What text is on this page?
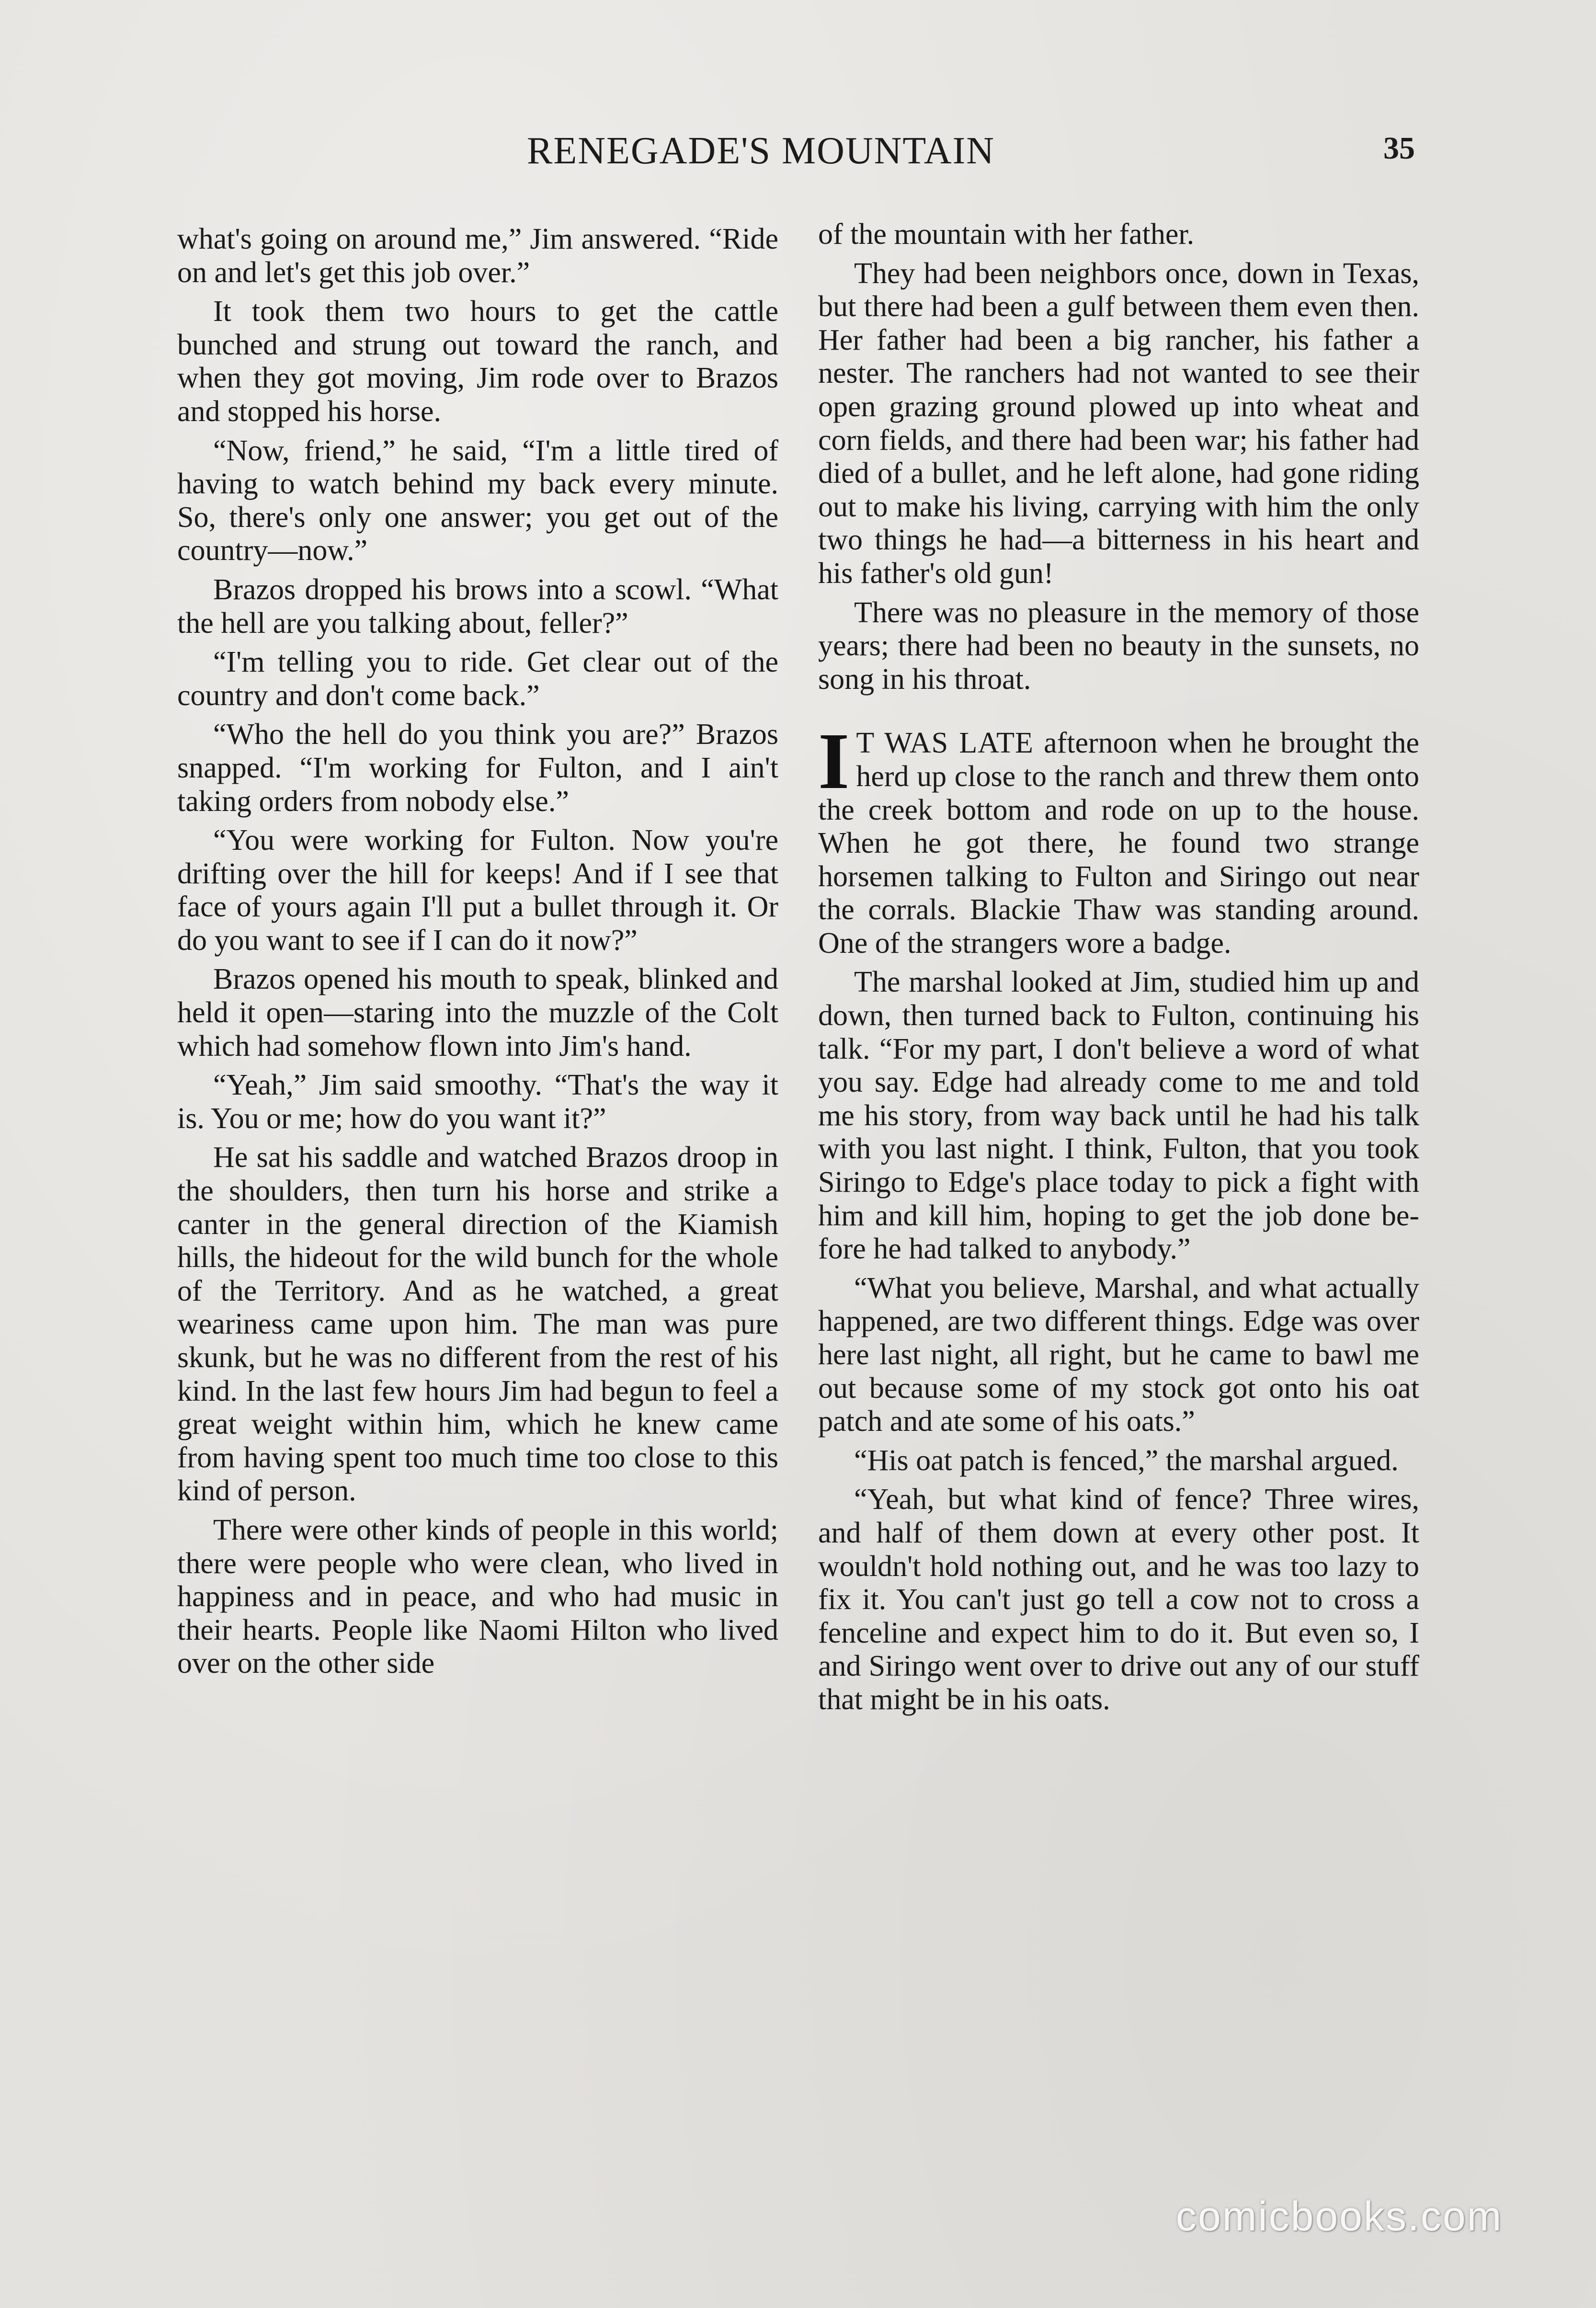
RENEGADE'S MOUNTAIN	35

what's going on around me,” Jim answered. “Ride on and let's get this job over.”

It took them two hours to get the cattle bunched and strung out toward the ranch, and when they got moving, Jim rode over to Brazos and stopped his horse.

“Now, friend,” he said, “I'm a little tired of having to watch behind my back every minute. So, there's only one answer; you get out of the country—now.”

Brazos dropped his brows into a scowl. “What the hell are you talking about, feller?”

“I'm telling you to ride. Get clear out of the country and don't come back.”

“Who the hell do you think you are?” Brazos snapped. “I'm working for Fulton, and I ain't taking orders from nobody else.”

“You were working for Fulton. Now you're drifting over the hill for keeps! And if I see that face of yours again I'll put a bullet through it. Or do you want to see if I can do it now?”

Brazos opened his mouth to speak, blinked and held it open—staring into the muzzle of the Colt which had somehow flown into Jim's hand.

“Yeah,” Jim said smoothy. “That's the way it is. You or me; how do you want it?”

He sat his saddle and watched Brazos droop in the shoulders, then turn his horse and strike a canter in the general direction of the Kiamish hills, the hideout for the wild bunch for the whole of the Territory. And as he watched, a great weariness came upon him. The man was pure skunk, but he was no different from the rest of his kind. In the last few hours Jim had begun to feel a great weight within him, which he knew came from having spent too much time too close to this kind of person.

There were other kinds of people in this world; there were people who were clean, who lived in happiness and in peace, and who had music in their hearts. People like Naomi Hilton who lived over on the other side

of the mountain with her father.

They had been neighbors once, down in Texas, but there had been a gulf between them even then. Her father had been a big rancher, his father a nester. The ranchers had not wanted to see their open grazing ground plowed up into wheat and corn fields, and there had been war; his father had died of a bullet, and he left alone, had gone riding out to make his living, carrying with him the only two things he had—a bitterness in his heart and his father's old gun!

There was no pleasure in the memory of those years; there had been no beauty in the sunsets, no song in his throat.

I T WAS LATE afternoon when he brought the herd up close to the ranch and threw them onto the creek bottom and rode on up to the house. When he got there, he found two strange horsemen talking to Fulton and Siringo out near the corrals. Blackie Thaw was standing around. One of the strangers wore a badge.

The marshal looked at Jim, studied him up and down, then turned back to Fulton, continuing his talk. “For my part, I don't believe a word of what you say. Edge had already come to me and told me his story, from way back until he had his talk with you last night. I think, Fulton, that you took Siringo to Edge's place today to pick a fight with him and kill him, hoping to get the job done before he had talked to anybody.”

“What you believe, Marshal, and what actually happened, are two different things. Edge was over here last night, all right, but he came to bawl me out because some of my stock got onto his oat patch and ate some of his oats.”

“His oat patch is fenced,” the marshal argued.

“Yeah, but what kind of fence? Three wires, and half of them down at every other post. It wouldn't hold nothing out, and he was too lazy to fix it. You can't just go tell a cow not to cross a fenceline and expect him to do it. But even so, I and Siringo went over to drive out any of our stuff that might be in his oats.

comicbooks.com
